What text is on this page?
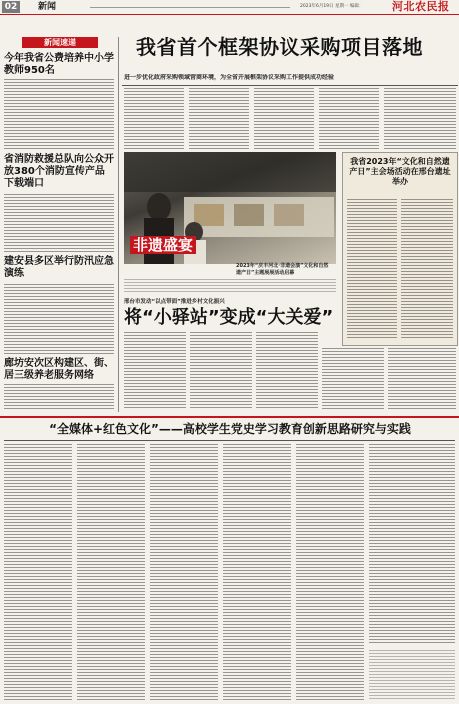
02	新闻	2023年6月19日 星期一 编辑：	河北农民报
新闻速递
今年我省公费培养中小学教师950名
省消防救援总队向公众开放380个消防宣传产品下载端口
建安县多区举行防汛应急演练
廊坊安次区构建区、街、居三级养老服务网络
我省首个框架协议采购项目落地
进一步优化政府采购领域营商环境，为全省开展框架协议采购工作提供成功经验
非遗盛宴
2023年“庆丰河北·非遗会演”文化和自然遗产日”主题展展活动启幕
我省2023年“文化和自然遗产日”主会场活动在邢台遗址举办
邢台市发动“以点带面”推进乡村文化振兴
将“小驿站”变成“大关爱”
“全媒体+红色文化”——高校学生党史学习教育创新思路研究与实践
